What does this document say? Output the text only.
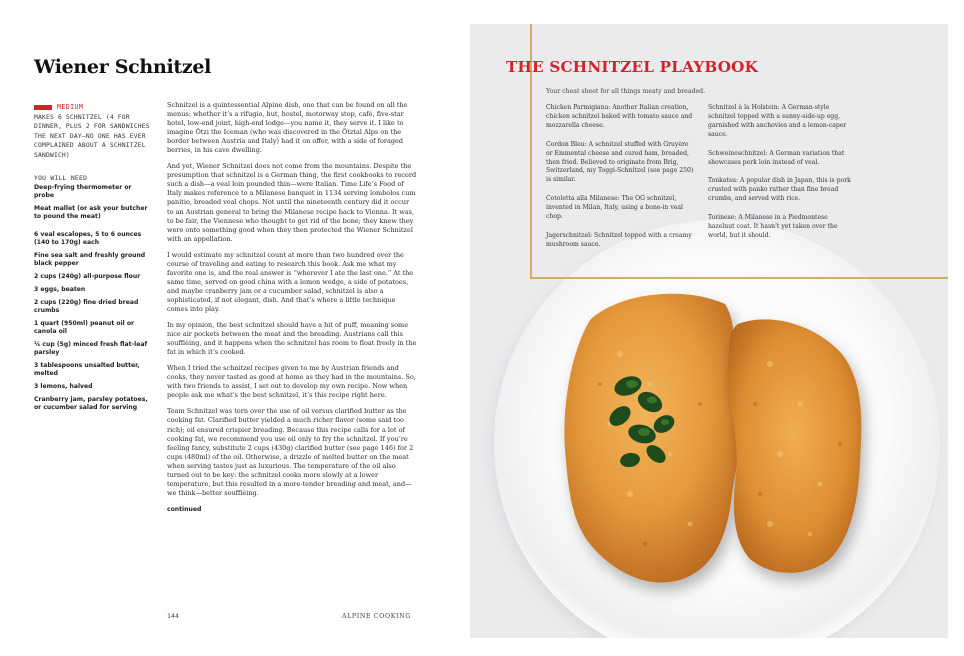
Wiener Schnitzel
MEDIUM
MAKES 6 SCHNITZEL (4 FOR DINNER, PLUS 2 FOR SANDWICHES THE NEXT DAY—NO ONE HAS EVER COMPLAINED ABOUT A SCHNITZEL SANDWICH)
YOU WILL NEED
Deep-frying thermometer or probe
Meat mallet (or ask your butcher to pound the meat)
6 veal escalopes, 5 to 6 ounces (140 to 170g) each
Fine sea salt and freshly ground black pepper
2 cups (240g) all-purpose flour
3 eggs, beaten
2 cups (220g) fine dried bread crumbs
1 quart (950ml) peanut oil or canola oil
¼ cup (5g) minced fresh flat-leaf parsley
3 tablespoons unsalted butter, melted
3 lemons, halved
Cranberry jam, parsley potatoes, or cucumber salad for serving

Schnitzel is a quintessential Alpine dish, one that can be found on all the menus: whether it’s a rifugio, hut, hostel, motorway stop, café, five-star hotel, low-end joint, high-end lodge—you name it, they serve it. I like to imagine Ötzi the Iceman (who was discovered in the Ötztal Alps on the border between Austria and Italy) had it on offer, with a side of foraged berries, in his cave dwelling.

And yet, Wiener Schnitzel does not come from the mountains. Despite the presumption that schnitzel is a German thing, the first cookbooks to record such a dish—a veal loin pounded thin—were Italian. Time Life’s Food of Italy makes reference to a Milanese banquet in 1134 serving lombolos cum panitio, breaded veal chops. Not until the nineteenth century did it occur to an Austrian general to bring the Milanese recipe back to Vienna. It was, to be fair, the Viennese who thought to get rid of the bone; they knew they were onto something good when they then protected the Wiener Schnitzel with an appellation.

I would estimate my schnitzel count at more than two hundred over the course of traveling and eating to research this book. Ask me what my favorite one is, and the real answer is “wherever I ate the last one.” At the same time, served on good china with a lemon wedge, a side of potatoes, and maybe cranberry jam or a cucumber salad, schnitzel is also a sophisticated, if not elegant, dish. And that’s where a little technique comes into play.

In my opinion, the best schnitzel should have a bit of puff, meaning some nice air pockets between the meat and the breading. Austrians call this soufflèing, and it happens when the schnitzel has room to float freely in the fat in which it’s cooked.

When I tried the schnitzel recipes given to me by Austrian friends and cooks, they never tasted as good at home as they had in the mountains. So, with two friends to assist, I set out to develop my own recipe. Now when people ask me what’s the best schnitzel, it’s this recipe right here.

Team Schnitzel was torn over the use of oil versus clarified butter as the cooking fat. Clarified butter yielded a much richer flavor (some said too rich); oil ensured crispier breading. Because this recipe calls for a lot of cooking fat, we recommend you use oil only to fry the schnitzel. If you’re feeling fancy, substitute 2 cups (430g) clarified butter (see page 146) for 2 cups (480ml) of the oil. Otherwise, a drizzle of melted butter on the meat when serving tastes just as luxurious. The temperature of the oil also turned out to be key: the schnitzel cooks more slowly at a lower temperature, but this resulted in a more-tender breading and meat, and—we think—better soufflèing.

continued
144	ALPINE COOKING
THE SCHNITZEL PLAYBOOK
Your cheat sheet for all things meaty and breaded.
Chicken Parmigiana: Another Italian creation, chicken schnitzel baked with tomato sauce and mozzarella cheese.
Cordon Bleu: A schnitzel stuffed with Gruyère or Emmental cheese and cured ham, breaded, then fried. Believed to originate from Brig, Switzerland, my Toggi-Schnitzel (see page 250) is similar.
Cotoletta alla Milanese: The OG schnitzel, invented in Milan, Italy, using a bone-in veal chop.
Jagerschnitzel: Schnitzel topped with a creamy mushroom sauce.
Schnitzel à la Holstein: A German-style schnitzel topped with a sunny-side-up egg, garnished with anchovies and a lemon-caper sauce.
Schweineschnitzel: A German variation that showcases pork loin instead of veal.
Tonkatsu: A popular dish in Japan, this is pork crusted with panko rather than fine bread crumbs, and served with rice.
Torinese: A Milanese in a Piedmontese hazelnut coat. It hasn’t yet taken over the world, but it should.
